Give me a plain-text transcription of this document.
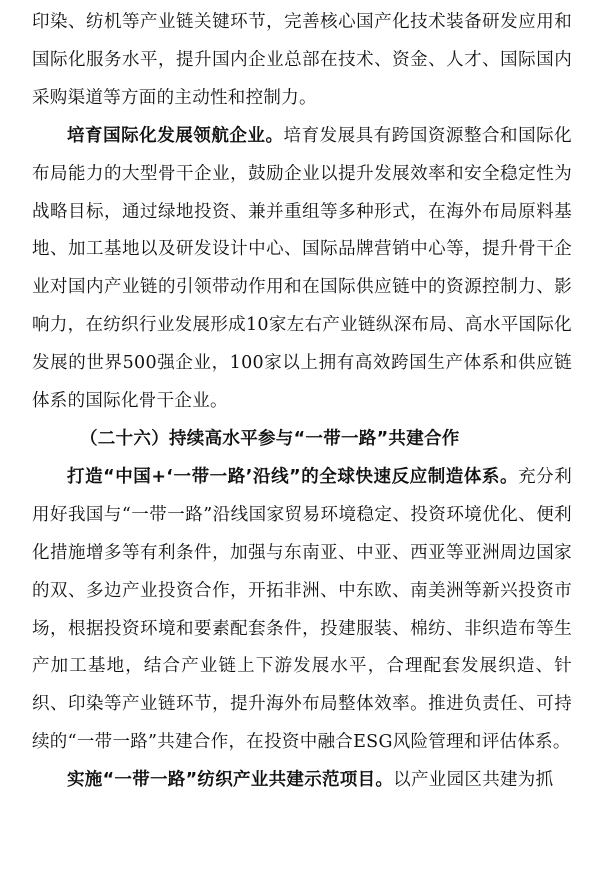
印染、纺机等产业链关键环节，完善核心国产化技术装备研发应用和国际化服务水平，提升国内企业总部在技术、资金、人才、国际国内采购渠道等方面的主动性和控制力。

培育国际化发展领航企业。培育发展具有跨国资源整合和国际化布局能力的大型骨干企业，鼓励企业以提升发展效率和安全稳定性为战略目标，通过绿地投资、兼并重组等多种形式，在海外布局原料基地、加工基地以及研发设计中心、国际品牌营销中心等，提升骨干企业对国内产业链的引领带动作用和在国际供应链中的资源控制力、影响力，在纺织行业发展形成10家左右产业链纵深布局、高水平国际化发展的世界500强企业，100家以上拥有高效跨国生产体系和供应链体系的国际化骨干企业。

（二十六）持续高水平参与“一带一路”共建合作

打造“中国+‘一带一路’沿线”的全球快速反应制造体系。充分利用好我国与“一带一路”沿线国家贸易环境稳定、投资环境优化、便利化措施增多等有利条件，加强与东南亚、中亚、西亚等亚洲周边国家的双、多边产业投资合作，开拓非洲、中东欧、南美洲等新兴投资市场，根据投资环境和要素配套条件，投建服装、棉纺、非织造布等生产加工基地，结合产业链上下游发展水平，合理配套发展织造、针织、印染等产业链环节，提升海外布局整体效率。推进负责任、可持续的“一带一路”共建合作，在投资中融合ESG风险管理和评估体系。

实施“一带一路”纺织产业共建示范项目。以产业园区共建为抓
